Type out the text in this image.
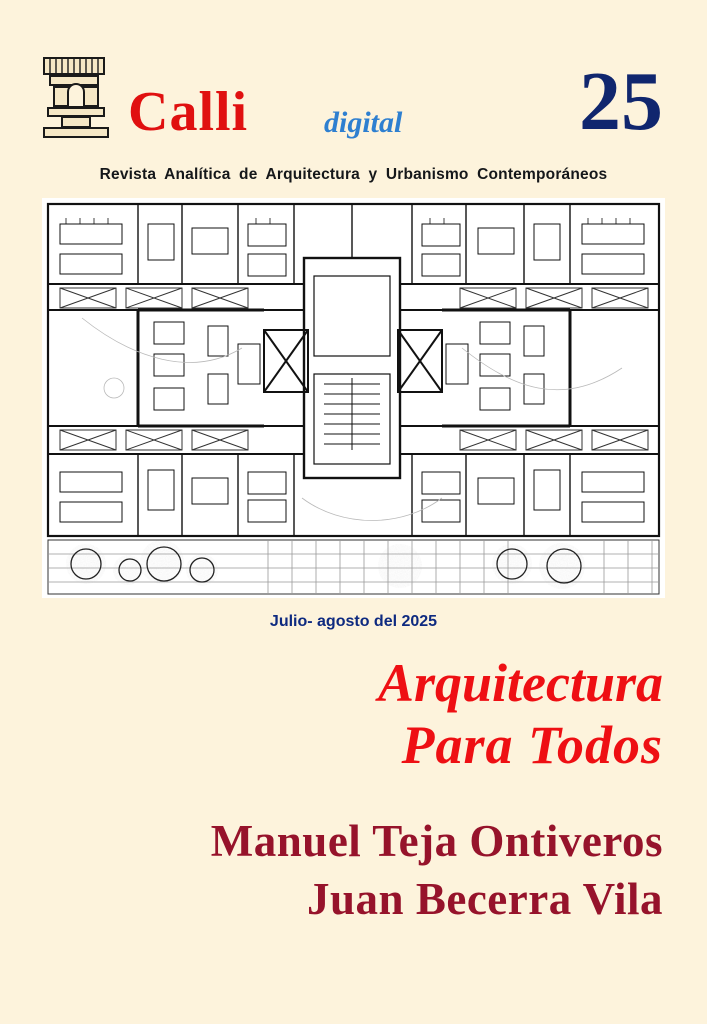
Calli	digital 25
Revista Analítica de Arquitectura y Urbanismo Contemporáneos
Julio- agosto del 2025
Arquitectura
Para Todos
Manuel Teja Ontiveros
Juan Becerra Vila
